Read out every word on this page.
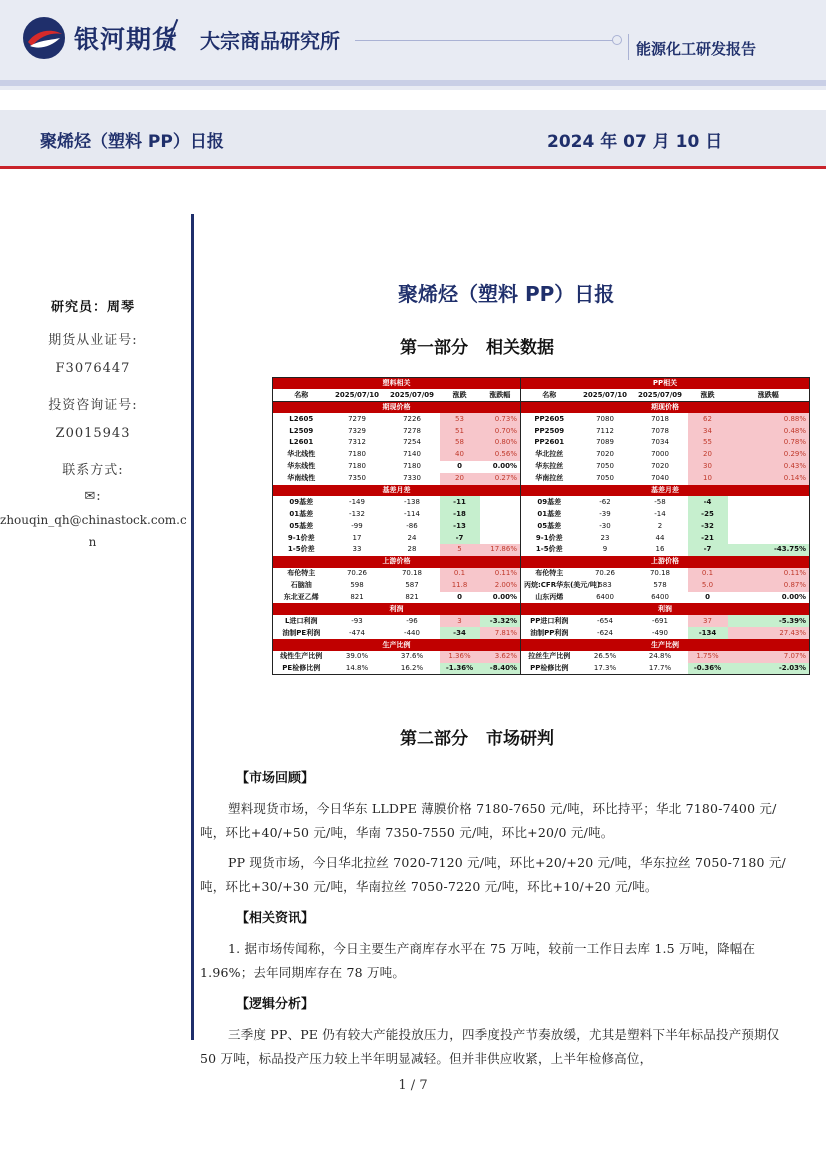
银河期货 大宗商品研究所	能源化工研发报告
聚烯烃（塑料 PP）日报	2024 年 07 月 10 日
研究员：周琴
期货从业证号:
F3076447
投资咨询证号:
Z0015943
联系方式:
✉:
zhouqin_qh@chinastock.com.c
n
聚烯烃（塑料 PP）日报
第一部分 相关数据
塑料相关					PP相关				
名称	2025/07/10	2025/07/09	涨跌	涨跌幅	名称	2025/07/10	2025/07/09	涨跌	涨跌幅
期现价格					期现价格				
L2605	7279	7226	53	0.73%	PP2605	7080	7018	62	0.88%
L2509	7329	7278	51	0.70%	PP2509	7112	7078	34	0.48%
L2601	7312	7254	58	0.80%	PP2601	7089	7034	55	0.78%
华北线性	7180	7140	40	0.56%	华北拉丝	7020	7000	20	0.29%
华东线性	7180	7180	0	0.00%	华东拉丝	7050	7020	30	0.43%
华南线性	7350	7330	20	0.27%	华南拉丝	7050	7040	10	0.14%
基差月差					基差月差				
09基差	-149	-138	-11		09基差	-62	-58	-4	
01基差	-132	-114	-18		01基差	-39	-14	-25	
05基差	-99	-86	-13		05基差	-30	2	-32	
9-1价差	17	24	-7		9-1价差	23	44	-21	
1-5价差	33	28	5	17.86%	1-5价差	9	16	-7	-43.75%
上游价格					上游价格				
布伦特主	70.26	70.18	0.1	0.11%	布伦特主	70.26	70.18	0.1	0.11%
石脑油	598	587	11.8	2.00%	丙烷:CFR华东(美元/吨)	583	578	5.0	0.87%
东北亚乙烯	821	821	0	0.00%	山东丙烯	6400	6400	0	0.00%
利润					利润				
L进口利润	-93	-96	3	-3.32%	PP进口利润	-654	-691	37	-5.39%
油制PE利润	-474	-440	-34	7.81%	油制PP利润	-624	-490	-134	27.43%
生产比例					生产比例				
线性生产比例	39.0%	37.6%	1.36%	3.62%	拉丝生产比例	26.5%	24.8%	1.75%	7.07%
PE检修比例	14.8%	16.2%	-1.36%	-8.40%	PP检修比例	17.3%	17.7%	-0.36%	-2.03%
第二部分 市场研判
【市场回顾】
塑料现货市场，今日华东 LLDPE 薄膜价格 7180-7650 元/吨，环比持平；华北 7180-7400 元/吨，环比+40/+50 元/吨，华南 7350-7550 元/吨，环比+20/0 元/吨。
PP 现货市场，今日华北拉丝 7020-7120 元/吨，环比+20/+20 元/吨，华东拉丝 7050-7180 元/吨，环比+30/+30 元/吨，华南拉丝 7050-7220 元/吨，环比+10/+20 元/吨。
【相关资讯】
1. 据市场传闻称，今日主要生产商库存水平在 75 万吨，较前一工作日去库 1.5 万吨，降幅在 1.96%；去年同期库存在 78 万吨。
【逻辑分析】
三季度 PP、PE 仍有较大产能投放压力，四季度投产节奏放缓，尤其是塑料下半年标品投产预期仅 50 万吨，标品投产压力较上半年明显减轻。但并非供应收紧，上半年检修高位，
1 / 7
